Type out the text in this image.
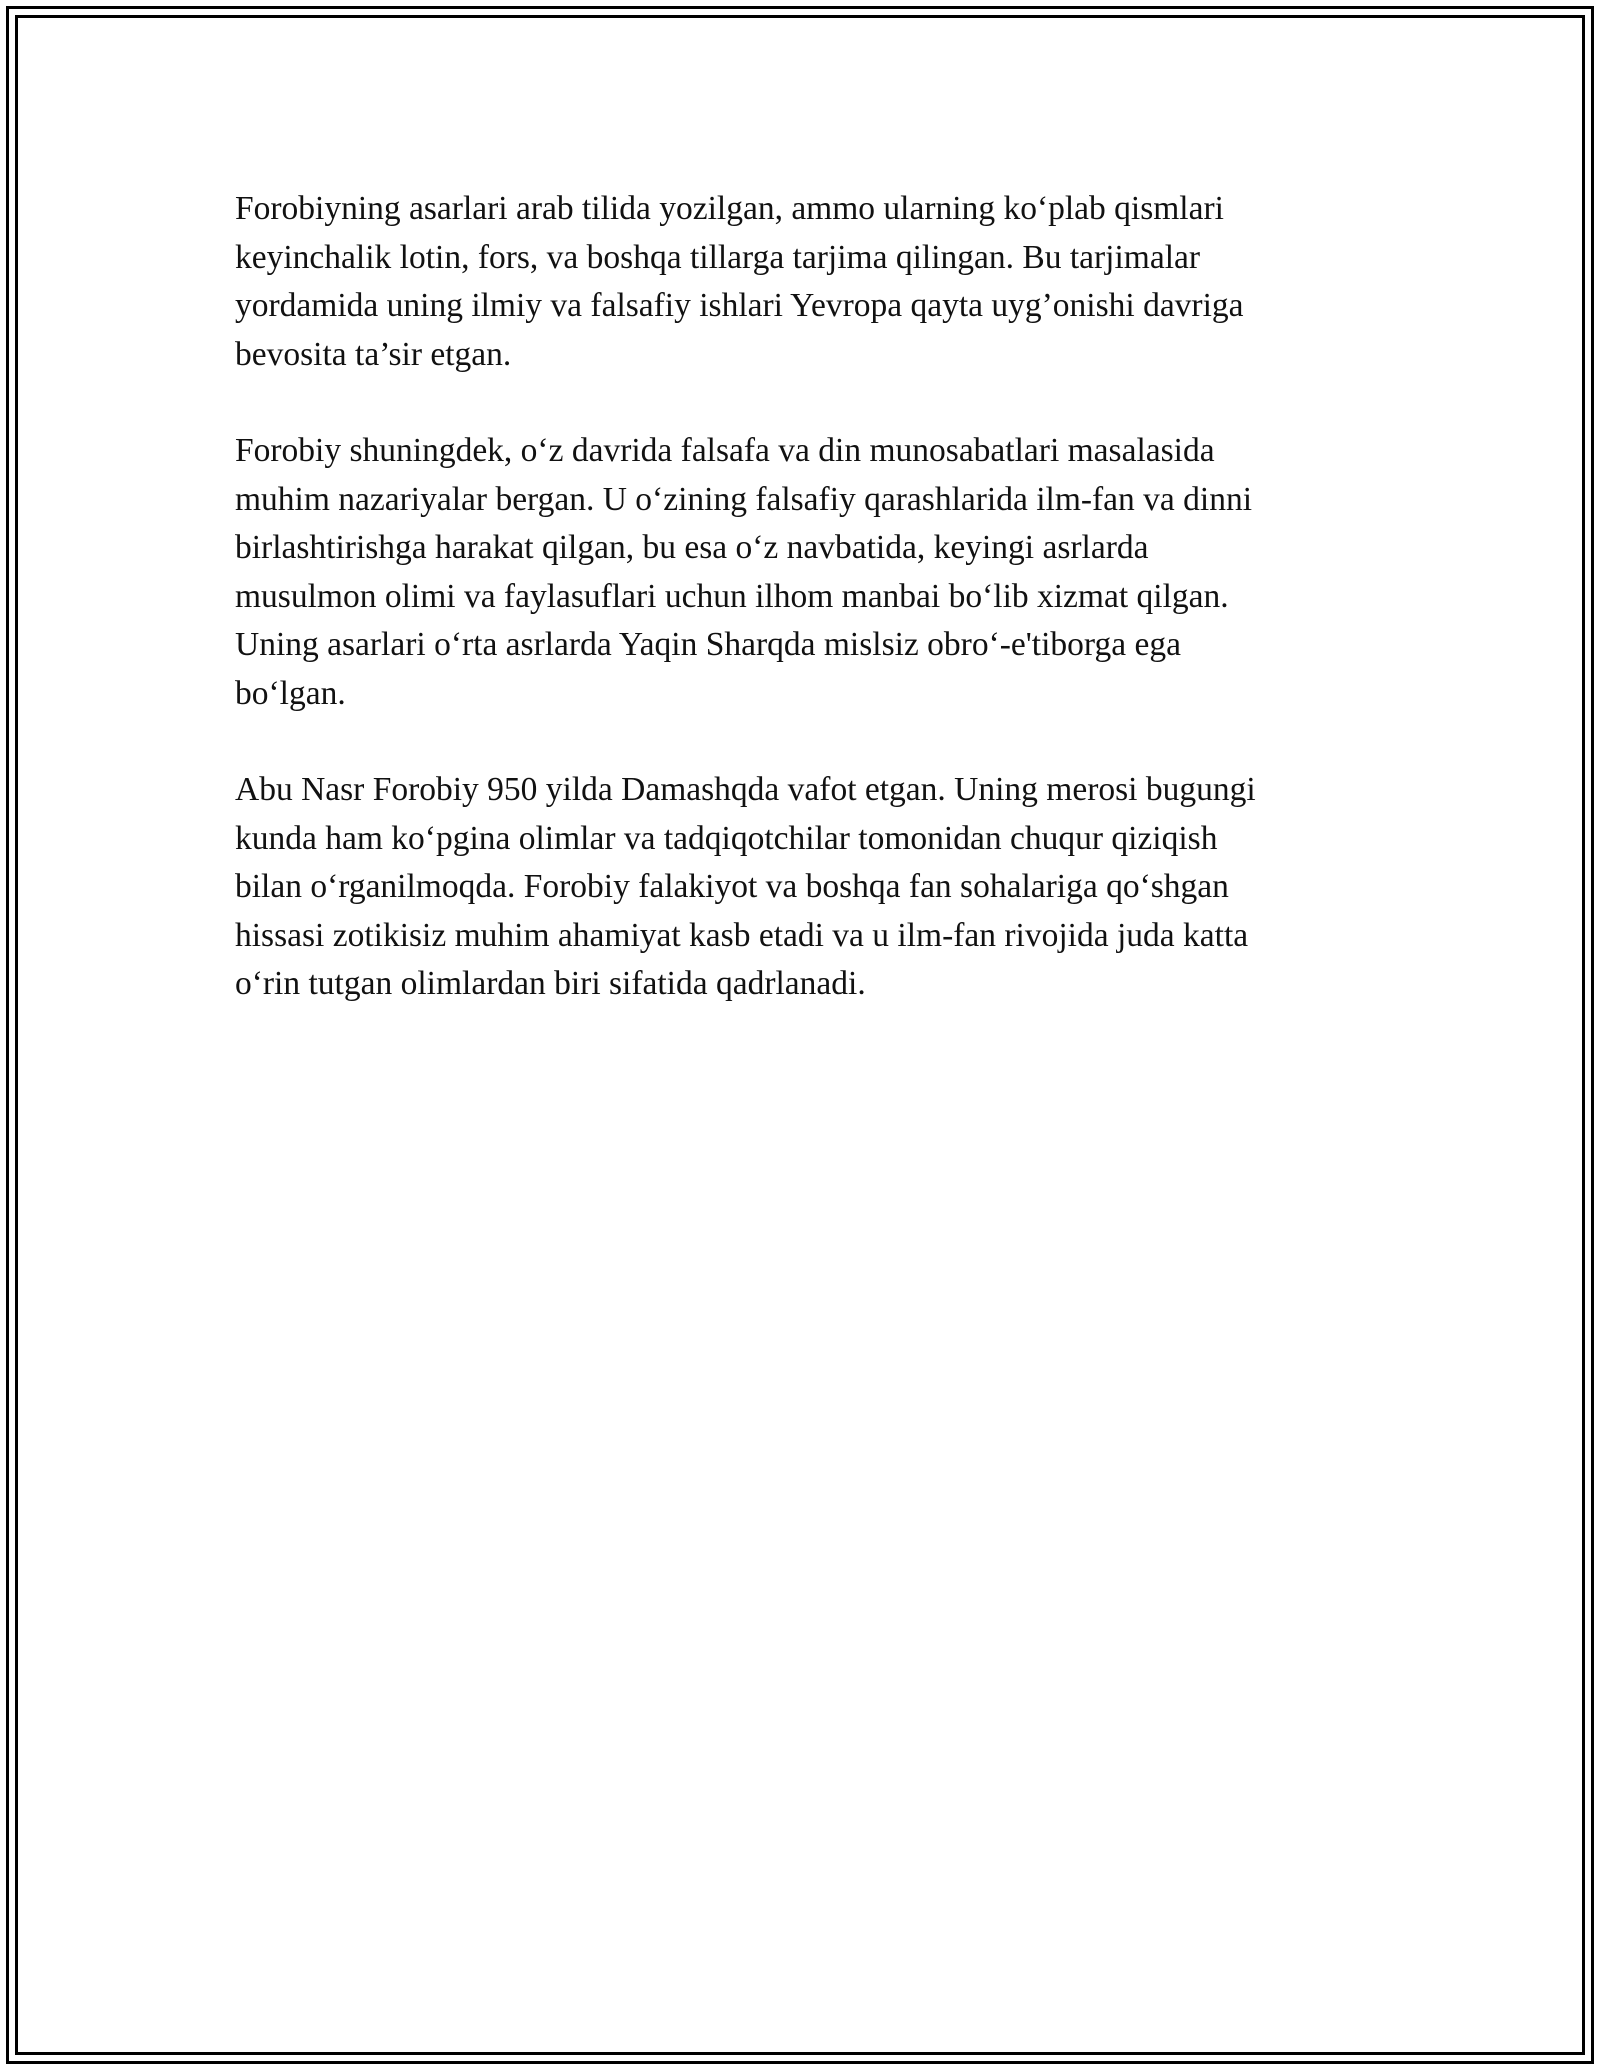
Forobiyning asarlari arab tilida yozilgan, ammo ularning ko‘plab qismlari
keyinchalik lotin, fors, va boshqa tillarga tarjima qilingan. Bu tarjimalar
yordamida uning ilmiy va falsafiy ishlari Yevropa qayta uyg’onishi davriga
bevosita ta’sir etgan.

Forobiy shuningdek, o‘z davrida falsafa va din munosabatlari masalasida
muhim nazariyalar bergan. U o‘zining falsafiy qarashlarida ilm-fan va dinni
birlashtirishga harakat qilgan, bu esa o‘z navbatida, keyingi asrlarda
musulmon olimi va faylasuflari uchun ilhom manbai bo‘lib xizmat qilgan.
Uning asarlari o‘rta asrlarda Yaqin Sharqda mislsiz obro‘-e'tiborga ega
bo‘lgan.

Abu Nasr Forobiy 950 yilda Damashqda vafot etgan. Uning merosi bugungi
kunda ham ko‘pgina olimlar va tadqiqotchilar tomonidan chuqur qiziqish
bilan o‘rganilmoqda. Forobiy falakiyot va boshqa fan sohalariga qo‘shgan
hissasi zotikisiz muhim ahamiyat kasb etadi va u ilm-fan rivojida juda katta
o‘rin tutgan olimlardan biri sifatida qadrlanadi.
